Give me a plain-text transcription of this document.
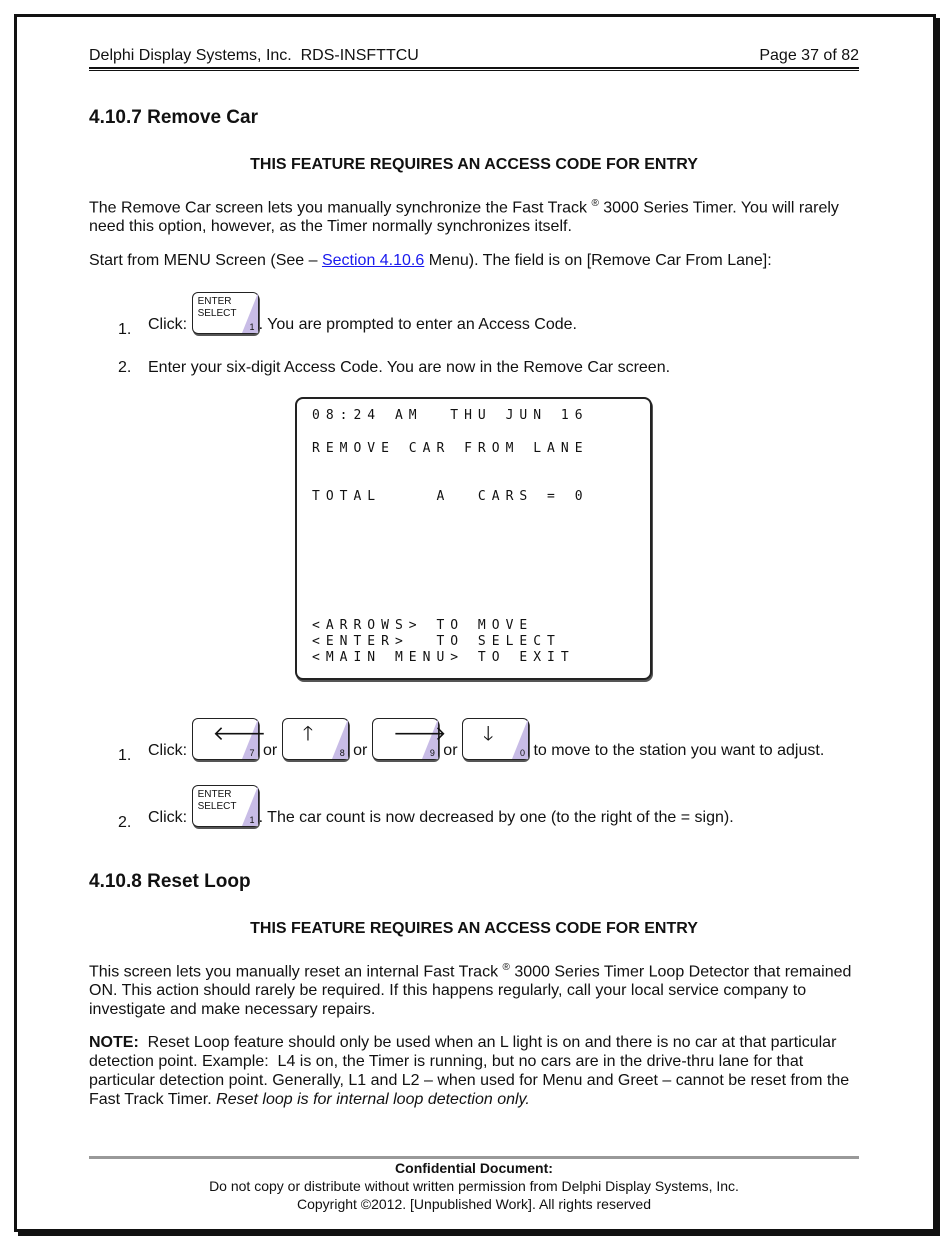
Delphi Display Systems, Inc.  RDS-INSFTTCU	Page 37 of 82
4.10.7 Remove Car
THIS FEATURE REQUIRES AN ACCESS CODE FOR ENTRY

The Remove Car screen lets you manually synchronize the Fast Track ® 3000 Series Timer. You will rarely need this option, however, as the Timer normally synchronizes itself.

Start from MENU Screen (See – Section 4.10.6 Menu). The field is on [Remove Car From Lane]:

1. Click:
ENTER
SELECT
1 . You are prompted to enter an Access Code.
2. Enter your six-digit Access Code. You are now in the Remove Car screen.
08:24 AM  THU JUN 16
REMOVE CAR FROM LANE
TOTAL    A  CARS = 0
<ARROWS> TO MOVE
<ENTER>  TO SELECT
<MAIN MENU> TO EXIT
1. Click:
🡐
7 or
🡑
8 or
🡒
9 or
🡓
0 to move to the station you want to adjust.
2. Click:
ENTER
SELECT
1 . The car count is now decreased by one (to the right of the = sign).
4.10.8 Reset Loop
THIS FEATURE REQUIRES AN ACCESS CODE FOR ENTRY

This screen lets you manually reset an internal Fast Track ® 3000 Series Timer Loop Detector that remained ON. This action should rarely be required. If this happens regularly, call your local service company to investigate and make necessary repairs.

NOTE:  Reset Loop feature should only be used when an L light is on and there is no car at that particular detection point. Example:  L4 is on, the Timer is running, but no cars are in the drive-thru lane for that particular detection point. Generally, L1 and L2 – when used for Menu and Greet – cannot be reset from the Fast Track Timer. Reset loop is for internal loop detection only.

Confidential Document:
Do not copy or distribute without written permission from Delphi Display Systems, Inc.
Copyright ©2012. [Unpublished Work]. All rights reserved
